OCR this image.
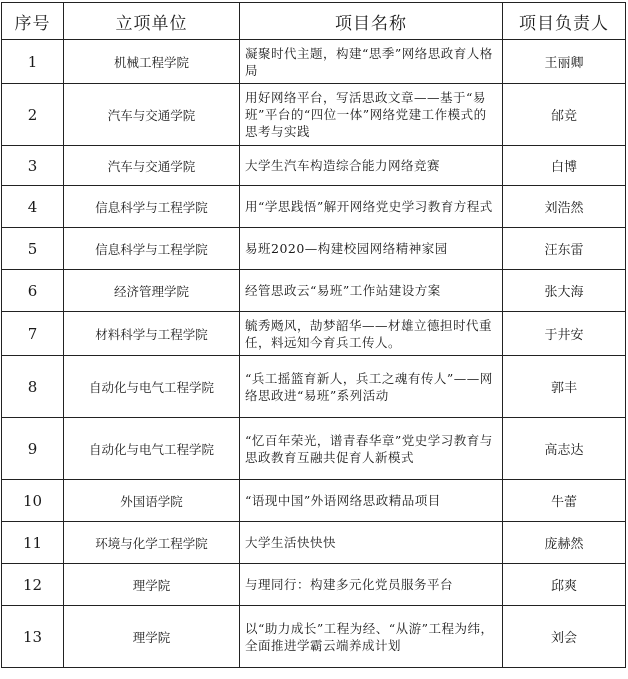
序号	立项单位	项目名称	项目负责人
1	机械工程学院	凝聚时代主题，构建“思季”网络思政育人格局	王丽卿
2	汽车与交通学院	用好网络平台，写活思政文章——基于“易班”平台的“四位一体”网络党建工作模式的思考与实践	邰竞
3	汽车与交通学院	大学生汽车构造综合能力网络竞赛	白博
4	信息科学与工程学院	用“学思践悟”解开网络党史学习教育方程式	刘浩然
5	信息科学与工程学院	易班2020—构建校园网络精神家园	汪东雷
6	经济管理学院	经管思政云“易班”工作站建设方案	张大海
7	材料科学与工程学院	毓秀飏风，劼梦韶华——材雄立德担时代重任，料远知今育兵工传人。	于井安
8	自动化与电气工程学院	“兵工摇篮育新人，兵工之魂有传人”——网络思政进“易班”系列活动	郭丰
9	自动化与电气工程学院	“忆百年荣光，谱青春华章”党史学习教育与思政教育互融共促育人新模式	高志达
10	外国语学院	“语现中国”外语网络思政精品项目	牛蕾
11	环境与化学工程学院	大学生活快快快	庞赫然
12	理学院	与理同行：构建多元化党员服务平台	邱爽
13	理学院	以“助力成长”工程为经、“从游”工程为纬，全面推进学霸云端养成计划	刘会
